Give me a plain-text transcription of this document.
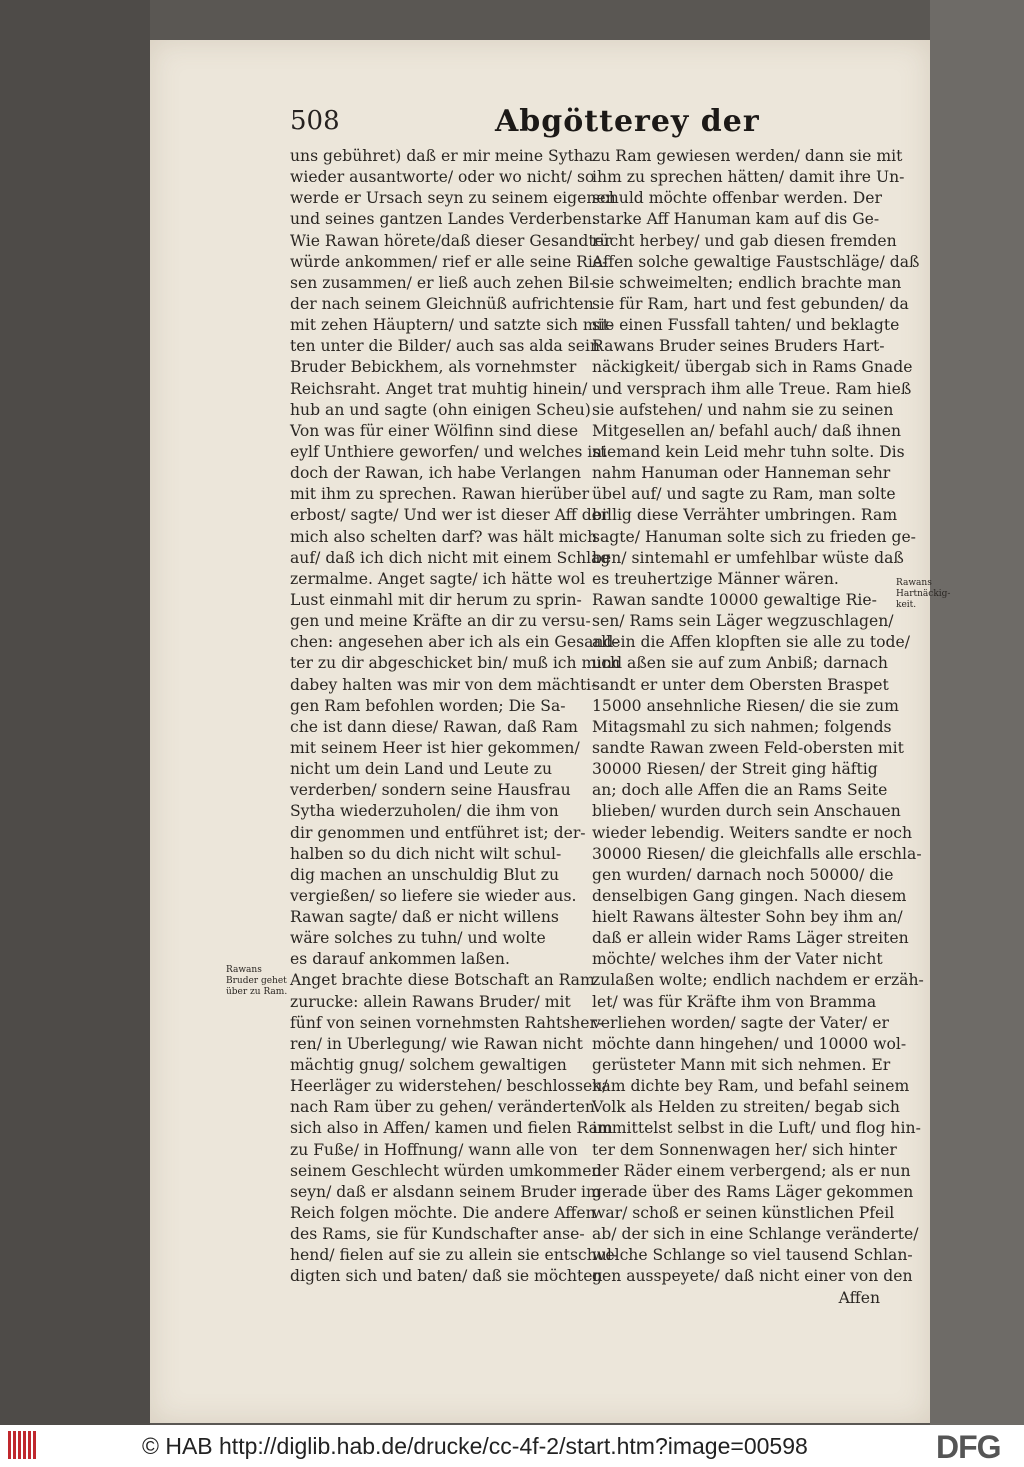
508	Abgötterey der
uns gebühret) daß er mir meine Sytha
wieder ausantworte/ oder wo nicht/ so
werde er Ursach seyn zu seinem eigenen
und seines gantzen Landes Verderben.
Wie Rawan hörete/daß dieser Gesandter
würde ankommen/ rief er alle seine Rie-
sen zusammen/ er ließ auch zehen Bil-
der nach seinem Gleichnüß aufrichten
mit zehen Häuptern/ und satzte sich mit-
ten unter die Bilder/ auch sas alda sein
Bruder Bebickhem, als vornehmster
Reichsraht. Anget trat muhtig hinein/
hub an und sagte (ohn einigen Scheu)
Von was für einer Wölfinn sind diese
eylf Unthiere geworfen/ und welches ist
doch der Rawan, ich habe Verlangen
mit ihm zu sprechen. Rawan hierüber
erbost/ sagte/ Und wer ist dieser Aff der
mich also schelten darf? was hält mich
auf/ daß ich dich nicht mit einem Schlag
zermalme. Anget sagte/ ich hätte wol
Lust einmahl mit dir herum zu sprin-
gen und meine Kräfte an dir zu versu-
chen: angesehen aber ich als ein Gesand-
ter zu dir abgeschicket bin/ muß ich mich
dabey halten was mir von dem mächti-
gen Ram befohlen worden; Die Sa-
che ist dann diese/ Rawan, daß Ram
mit seinem Heer ist hier gekommen/
nicht um dein Land und Leute zu
verderben/ sondern seine Hausfrau
Sytha wiederzuholen/ die ihm von
dir genommen und entführet ist; der-
halben so du dich nicht wilt schul-
dig machen an unschuldig Blut zu
vergießen/ so liefere sie wieder aus.
Rawan sagte/ daß er nicht willens
wäre solches zu tuhn/ und wolte
es darauf ankommen laßen.
Anget brachte diese Botschaft an Ram
zurucke: allein Rawans Bruder/ mit
fünf von seinen vornehmsten Rahtsher-
ren/ in Uberlegung/ wie Rawan nicht
mächtig gnug/ solchem gewaltigen
Heerläger zu widerstehen/ beschlossen/
nach Ram über zu gehen/ veränderten
sich also in Affen/ kamen und fielen Ram
zu Fuße/ in Hoffnung/ wann alle von
seinem Geschlecht würden umkommen
seyn/ daß er alsdann seinem Bruder im
Reich folgen möchte. Die andere Affen
des Rams, sie für Kundschafter anse-
hend/ fielen auf sie zu allein sie entschul-
digten sich und baten/ daß sie möchten
zu Ram gewiesen werden/ dann sie mit
ihm zu sprechen hätten/ damit ihre Un-
schuld möchte offenbar werden. Der
starke Aff Hanuman kam auf dis Ge-
rücht herbey/ und gab diesen fremden
Affen solche gewaltige Faustschläge/ daß
sie schweimelten; endlich brachte man
sie für Ram, hart und fest gebunden/ da
sie einen Fussfall tahten/ und beklagte
Rawans Bruder seines Bruders Hart-
näckigkeit/ übergab sich in Rams Gnade
und versprach ihm alle Treue. Ram hieß
sie aufstehen/ und nahm sie zu seinen
Mitgesellen an/ befahl auch/ daß ihnen
niemand kein Leid mehr tuhn solte. Dis
nahm Hanuman oder Hanneman sehr
übel auf/ und sagte zu Ram, man solte
billig diese Verrähter umbringen. Ram
sagte/ Hanuman solte sich zu frieden ge-
ben/ sintemahl er umfehlbar wüste daß
es treuhertzige Männer wären.
Rawan sandte 10000 gewaltige Rie-
sen/ Rams sein Läger wegzuschlagen/
allein die Affen klopften sie alle zu tode/
und aßen sie auf zum Anbiß; darnach
sandt er unter dem Obersten Braspet
15000 ansehnliche Riesen/ die sie zum
Mitagsmahl zu sich nahmen; folgends
sandte Rawan zween Feld-obersten mit
30000 Riesen/ der Streit ging häftig
an; doch alle Affen die an Rams Seite
blieben/ wurden durch sein Anschauen
wieder lebendig. Weiters sandte er noch
30000 Riesen/ die gleichfalls alle erschla-
gen wurden/ darnach noch 50000/ die
denselbigen Gang gingen. Nach diesem
hielt Rawans ältester Sohn bey ihm an/
daß er allein wider Rams Läger streiten
möchte/ welches ihm der Vater nicht
zulaßen wolte; endlich nachdem er erzäh-
let/ was für Kräfte ihm von Bramma
verliehen worden/ sagte der Vater/ er
möchte dann hingehen/ und 10000 wol-
gerüsteter Mann mit sich nehmen. Er
kam dichte bey Ram, und befahl seinem
Volk als Helden zu streiten/ begab sich
immittelst selbst in die Luft/ und flog hin-
ter dem Sonnenwagen her/ sich hinter
der Räder einem verbergend; als er nun
gerade über des Rams Läger gekommen
war/ schoß er seinen künstlichen Pfeil
ab/ der sich in eine Schlange veränderte/
welche Schlange so viel tausend Schlan-
gen ausspeyete/ daß nicht einer von den
Affen
Rawans
Bruder gehet
über zu Ram.
Rawans
Hartnäckig-
keit.
© HAB http://diglib.hab.de/drucke/cc-4f-2/start.htm?image=00598	DFG
